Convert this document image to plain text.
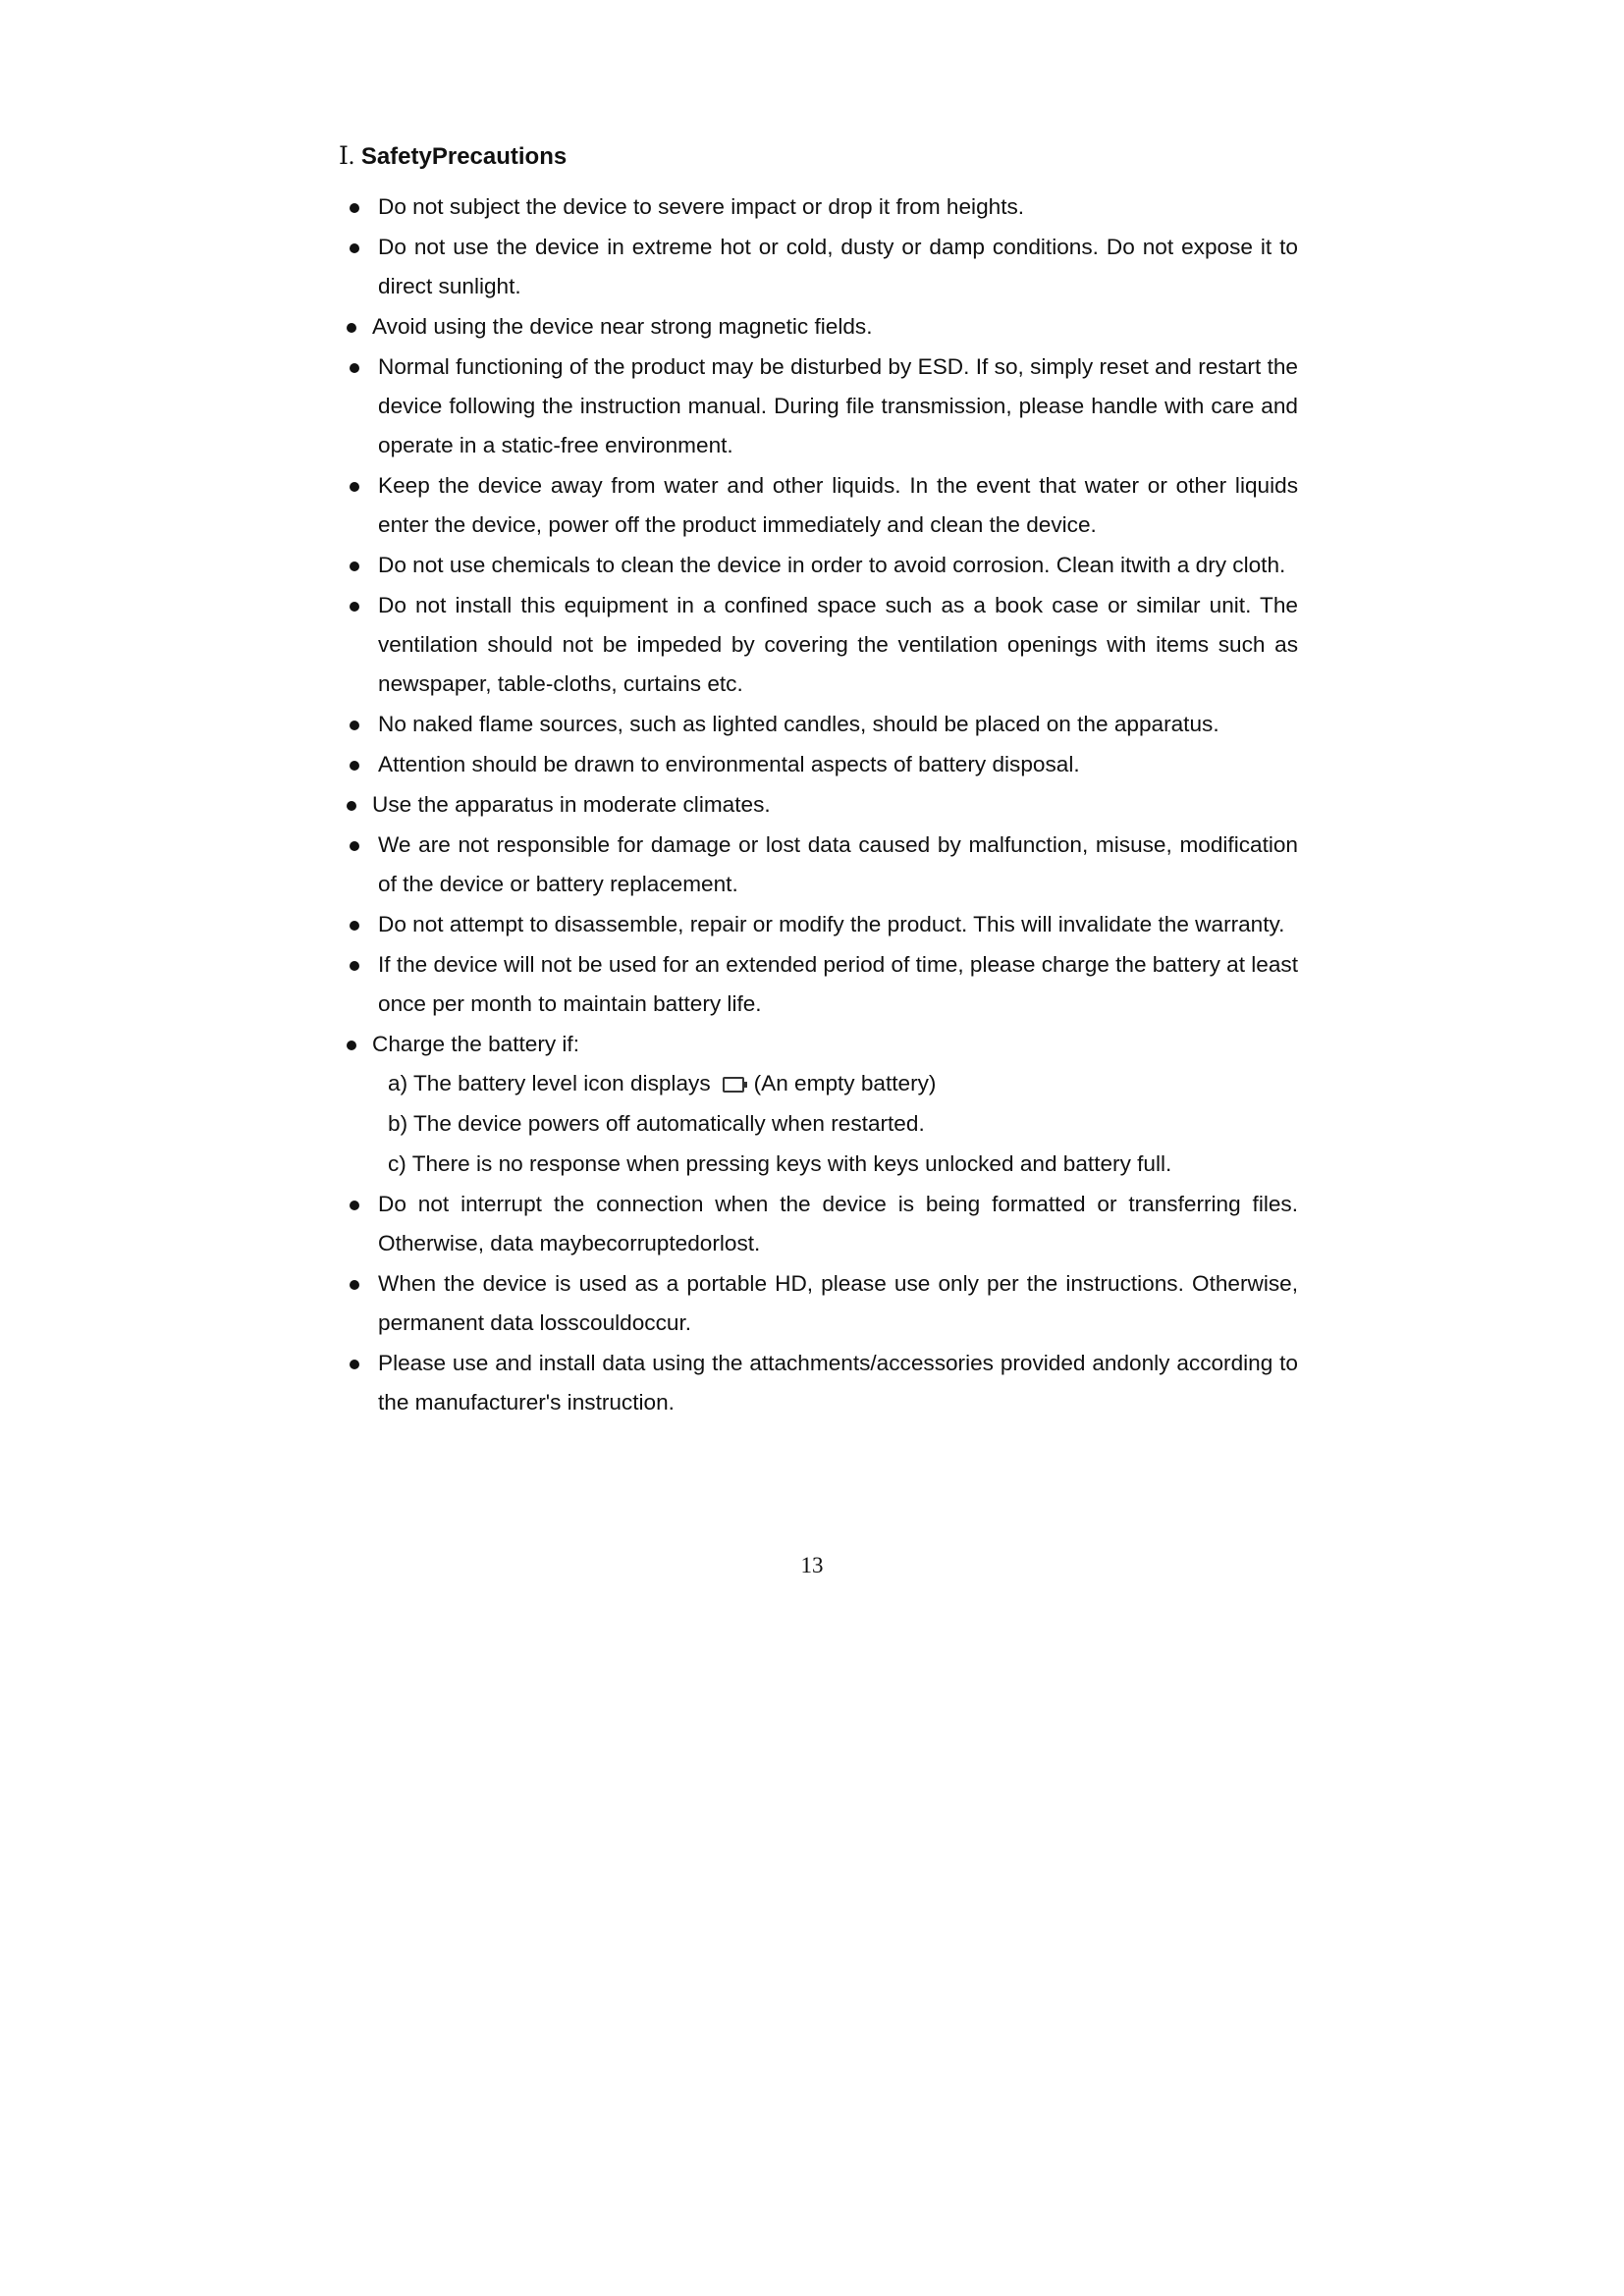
Ⅰ. SafetyPrecautions
Do not subject the device to severe impact or drop it from heights.
Do not use the device in extreme hot or cold, dusty or damp conditions. Do not expose it to direct sunlight.
Avoid using the device near strong magnetic fields.
Normal functioning of the product may be disturbed by ESD. If so, simply reset and restart the device following the instruction manual. During file transmission, please handle with care and operate in a static-free environment.
Keep the device away from water and other liquids. In the event that water or other liquids enter the device, power off the product immediately and clean the device.
Do not use chemicals to clean the device in order to avoid corrosion. Clean itwith a dry cloth.
Do not install this equipment in a confined space such as a book case or similar unit. The ventilation should not be impeded by covering the ventilation openings with items such as newspaper, table-cloths, curtains etc.
No naked flame sources, such as lighted candles, should be placed on the apparatus.
Attention should be drawn to environmental aspects of battery disposal.
Use the apparatus in moderate climates.
We are not responsible for damage or lost data caused by malfunction, misuse, modification of the device or battery replacement.
Do not attempt to disassemble, repair or modify the product. This will invalidate the warranty.
If the device will not be used for an extended period of time, please charge the battery at least once per month to maintain battery life.
Charge the battery if:
a) The battery level icon displays (An empty battery)
b) The device powers off automatically when restarted.
c) There is no response when pressing keys with keys unlocked and battery full.
Do not interrupt the connection when the device is being formatted or transferring files. Otherwise, data maybecorruptedorlost.
When the device is used as a portable HD, please use only per the instructions. Otherwise, permanent data losscouldoccur.
Please use and install data using the attachments/accessories provided andonly according to the manufacturer's instruction.
13
